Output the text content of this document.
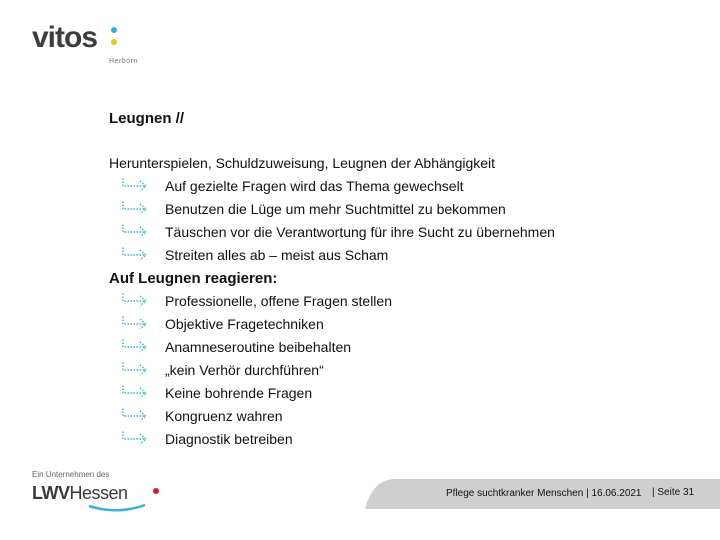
vitos
Herborn
Leugnen //
Herunterspielen, Schuldzuweisung, Leugnen der Abhängigkeit
Auf gezielte Fragen wird das Thema gewechselt
Benutzen die Lüge um mehr Suchtmittel zu bekommen
Täuschen vor die Verantwortung für ihre Sucht zu übernehmen
Streiten alles ab – meist aus Scham
Auf Leugnen reagieren:
Professionelle, offene Fragen stellen
Objektive Fragetechniken
Anamneseroutine beibehalten
„kein Verhör durchführen“
Keine bohrende Fragen
Kongruenz wahren
Diagnostik betreiben
Ein Unternehmen des
LWVHessen	Pflege suchtkranker Menschen | 16.06.2021 | Seite 31
